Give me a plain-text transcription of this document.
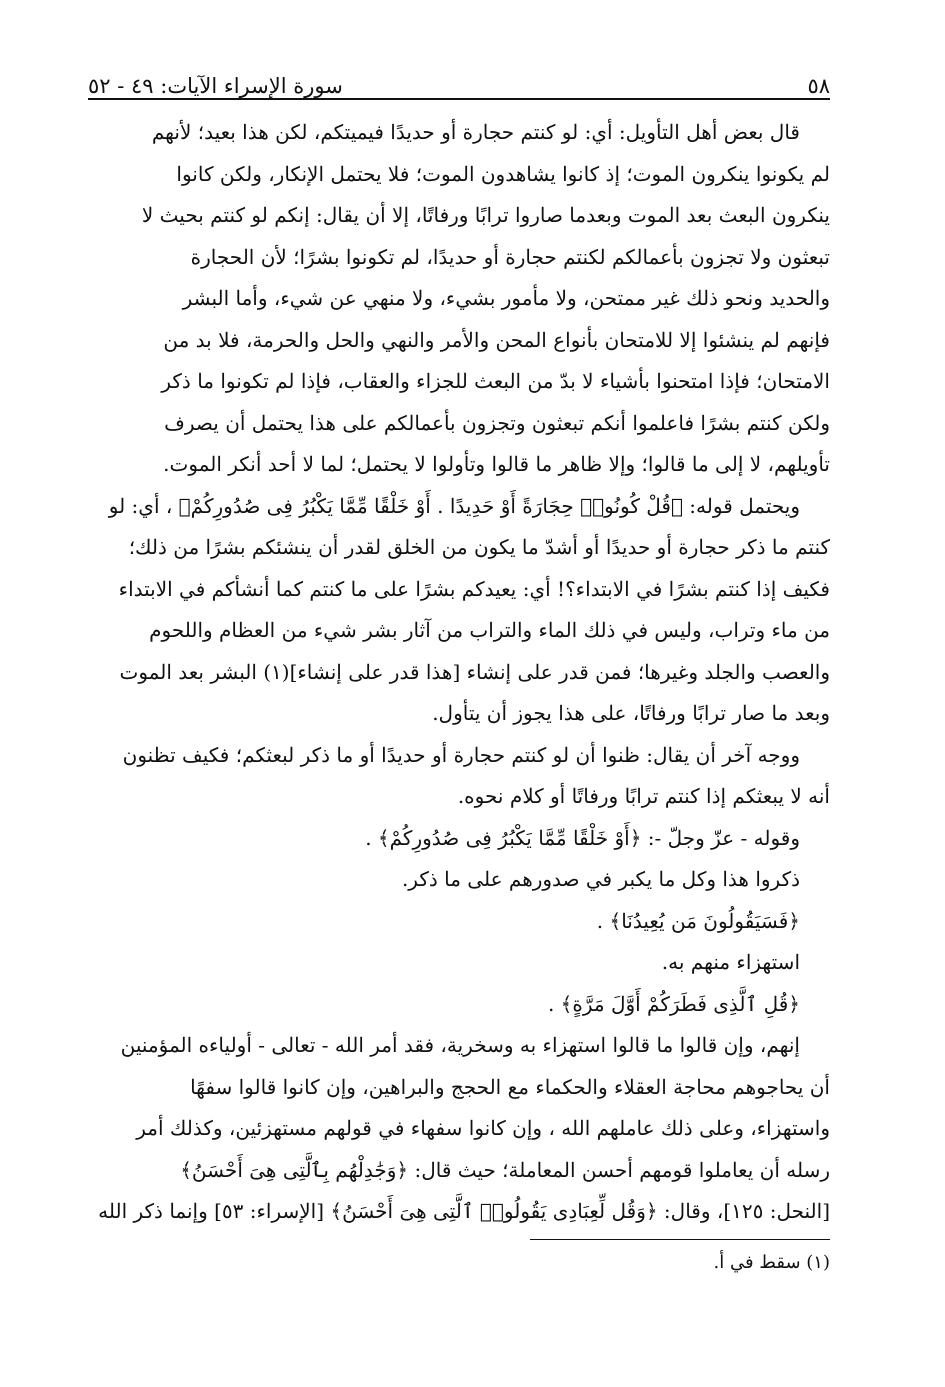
٥٨
سورة الإسراء الآيات: ٤٩ - ٥٢
قال بعض أهل التأويل: أي: لو كنتم حجارة أو حديدًا فيميتكم، لكن هذا بعيد؛ لأنهم
لم يكونوا ينكرون الموت؛ إذ كانوا يشاهدون الموت؛ فلا يحتمل الإنكار، ولكن كانوا
ينكرون البعث بعد الموت وبعدما صاروا ترابًا ورفاتًا، إلا أن يقال: إنكم لو كنتم بحيث لا
تبعثون ولا تجزون بأعمالكم لكنتم حجارة أو حديدًا، لم تكونوا بشرًا؛ لأن الحجارة
والحديد ونحو ذلك غير ممتحن، ولا مأمور بشيء، ولا منهي عن شيء، وأما البشر
فإنهم لم ينشئوا إلا للامتحان بأنواع المحن والأمر والنهي والحل والحرمة، فلا بد من
الامتحان؛ فإذا امتحنوا بأشياء لا بدّ من البعث للجزاء والعقاب، فإذا لم تكونوا ما ذكر
ولكن كنتم بشرًا فاعلموا أنكم تبعثون وتجزون بأعمالكم على هذا يحتمل أن يصرف
تأويلهم، لا إلى ما قالوا؛ وإلا ظاهر ما قالوا وتأولوا لا يحتمل؛ لما لا أحد أنكر الموت.
ويحتمل قوله: ﴿قُلْ كُونُوا۟ حِجَارَةً أَوْ حَدِيدًا . أَوْ خَلْقًا مِّمَّا يَكْبُرُ فِى صُدُورِكُمْ﴾ ، أي: لو
كنتم ما ذكر حجارة أو حديدًا أو أشدّ ما يكون من الخلق لقدر أن ينشئكم بشرًا من ذلك؛
فكيف إذا كنتم بشرًا في الابتداء؟! أي: يعيدكم بشرًا على ما كنتم كما أنشأكم في الابتداء
من ماء وتراب، وليس في ذلك الماء والتراب من آثار بشر شيء من العظام واللحوم
والعصب والجلد وغيرها؛ فمن قدر على إنشاء [هذا قدر على إنشاء](١) البشر بعد الموت
وبعد ما صار ترابًا ورفاتًا، على هذا يجوز أن يتأول.
ووجه آخر أن يقال: ظنوا أن لو كنتم حجارة أو حديدًا أو ما ذكر لبعثكم؛ فكيف تظنون
أنه لا يبعثكم إذا كنتم ترابًا ورفاتًا أو كلام نحوه.
وقوله - عزّ وجلّ -: ﴿أَوْ خَلْقًا مِّمَّا يَكْبُرُ فِى صُدُورِكُمْ﴾ .
ذكروا هذا وكل ما يكبر في صدورهم على ما ذكر.
﴿فَسَيَقُولُونَ مَن يُعِيدُنَا﴾ .
استهزاء منهم به.
﴿قُلِ ٱلَّذِى فَطَرَكُمْ أَوَّلَ مَرَّةٍ﴾ .
إنهم، وإن قالوا ما قالوا استهزاء به وسخرية، فقد أمر الله - تعالى - أولياءه المؤمنين
أن يحاجوهم محاجة العقلاء والحكماء مع الحجج والبراهين، وإن كانوا قالوا سفهًا
واستهزاء، وعلى ذلك عاملهم الله ، وإن كانوا سفهاء في قولهم مستهزئين، وكذلك أمر
رسله أن يعاملوا قومهم أحسن المعاملة؛ حيث قال: ﴿وَجَٰدِلْهُم بِٱلَّتِى هِىَ أَحْسَنُ﴾
[النحل: ١٢٥]، وقال: ﴿وَقُل لِّعِبَادِى يَقُولُوا۟ ٱلَّتِى هِىَ أَحْسَنُ﴾ [الإسراء: ٥٣] وإنما ذكر الله
(١) سقط في أ.
